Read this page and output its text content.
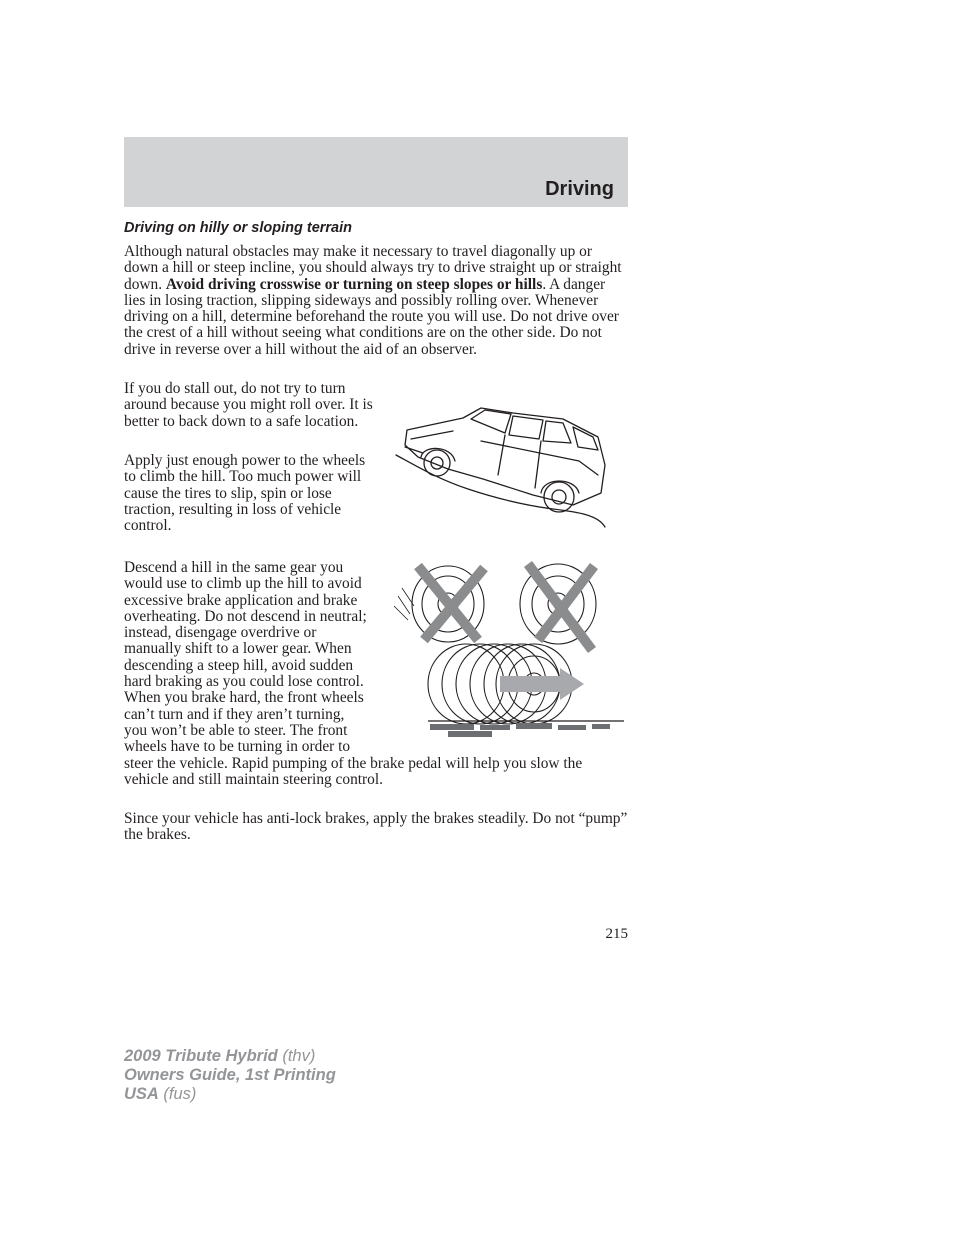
Driving
Driving on hilly or sloping terrain

Although natural obstacles may make it necessary to travel diagonally up or down a hill or steep incline, you should always try to drive straight up or straight down. Avoid driving crosswise or turning on steep slopes or hills. A danger lies in losing traction, slipping sideways and possibly rolling over. Whenever driving on a hill, determine beforehand the route you will use. Do not drive over the crest of a hill without seeing what conditions are on the other side. Do not drive in reverse over a hill without the aid of an observer.

If you do stall out, do not try to turn around because you might roll over. It is better to back down to a safe location.

Apply just enough power to the wheels to climb the hill. Too much power will cause the tires to slip, spin or lose traction, resulting in loss of vehicle control.

Descend a hill in the same gear you would use to climb up the hill to avoid excessive brake application and brake overheating. Do not descend in neutral; instead, disengage overdrive or manually shift to a lower gear. When descending a steep hill, avoid sudden hard braking as you could lose control. When you brake hard, the front wheels can’t turn and if they aren’t turning, you won’t be able to steer. The front wheels have to be turning in order to steer the vehicle. Rapid pumping of the brake pedal will help you slow the vehicle and still maintain steering control.

Since your vehicle has anti-lock brakes, apply the brakes steadily. Do not “pump” the brakes.

215

2009 Tribute Hybrid (thv)
Owners Guide, 1st Printing
USA (fus)
